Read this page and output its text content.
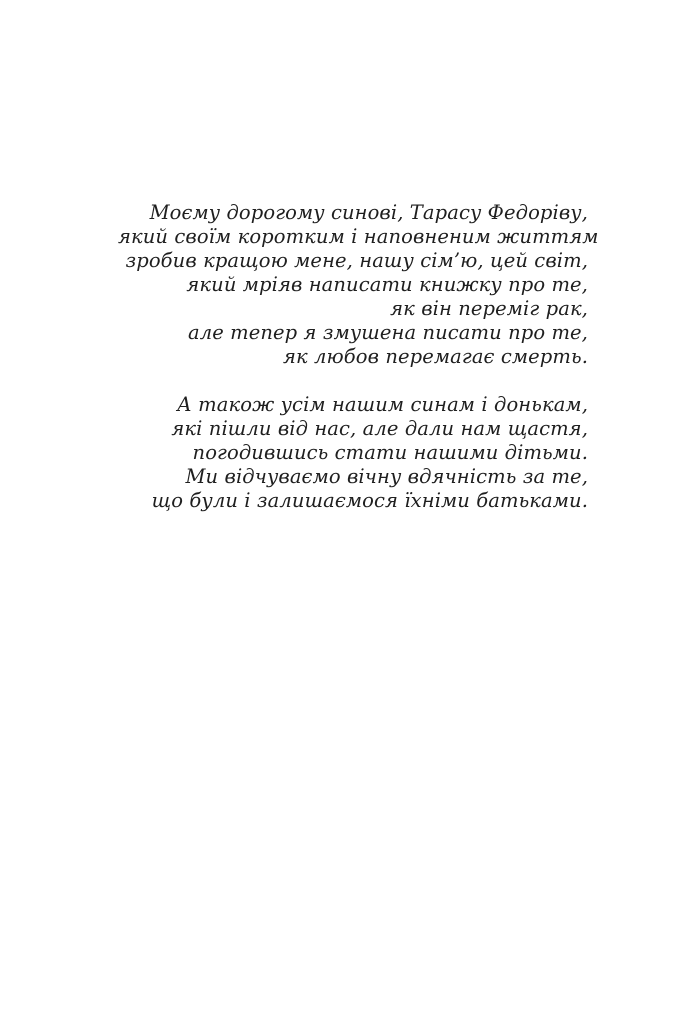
Моєму дорогому синові, Тарасу Федоріву,
який своїм коротким і наповненим життям
зробив кращою мене, нашу сім’ю, цей світ,
який мріяв написати книжку про те,
як він переміг рак,
але тепер я змушена писати про те,
як любов перемагає смерть.

А також усім нашим синам і донькам,
які пішли від нас, але дали нам щастя,
погодившись стати нашими дітьми.
Ми відчуваємо вічну вдячність за те,
що були і залишаємося їхніми батьками.
